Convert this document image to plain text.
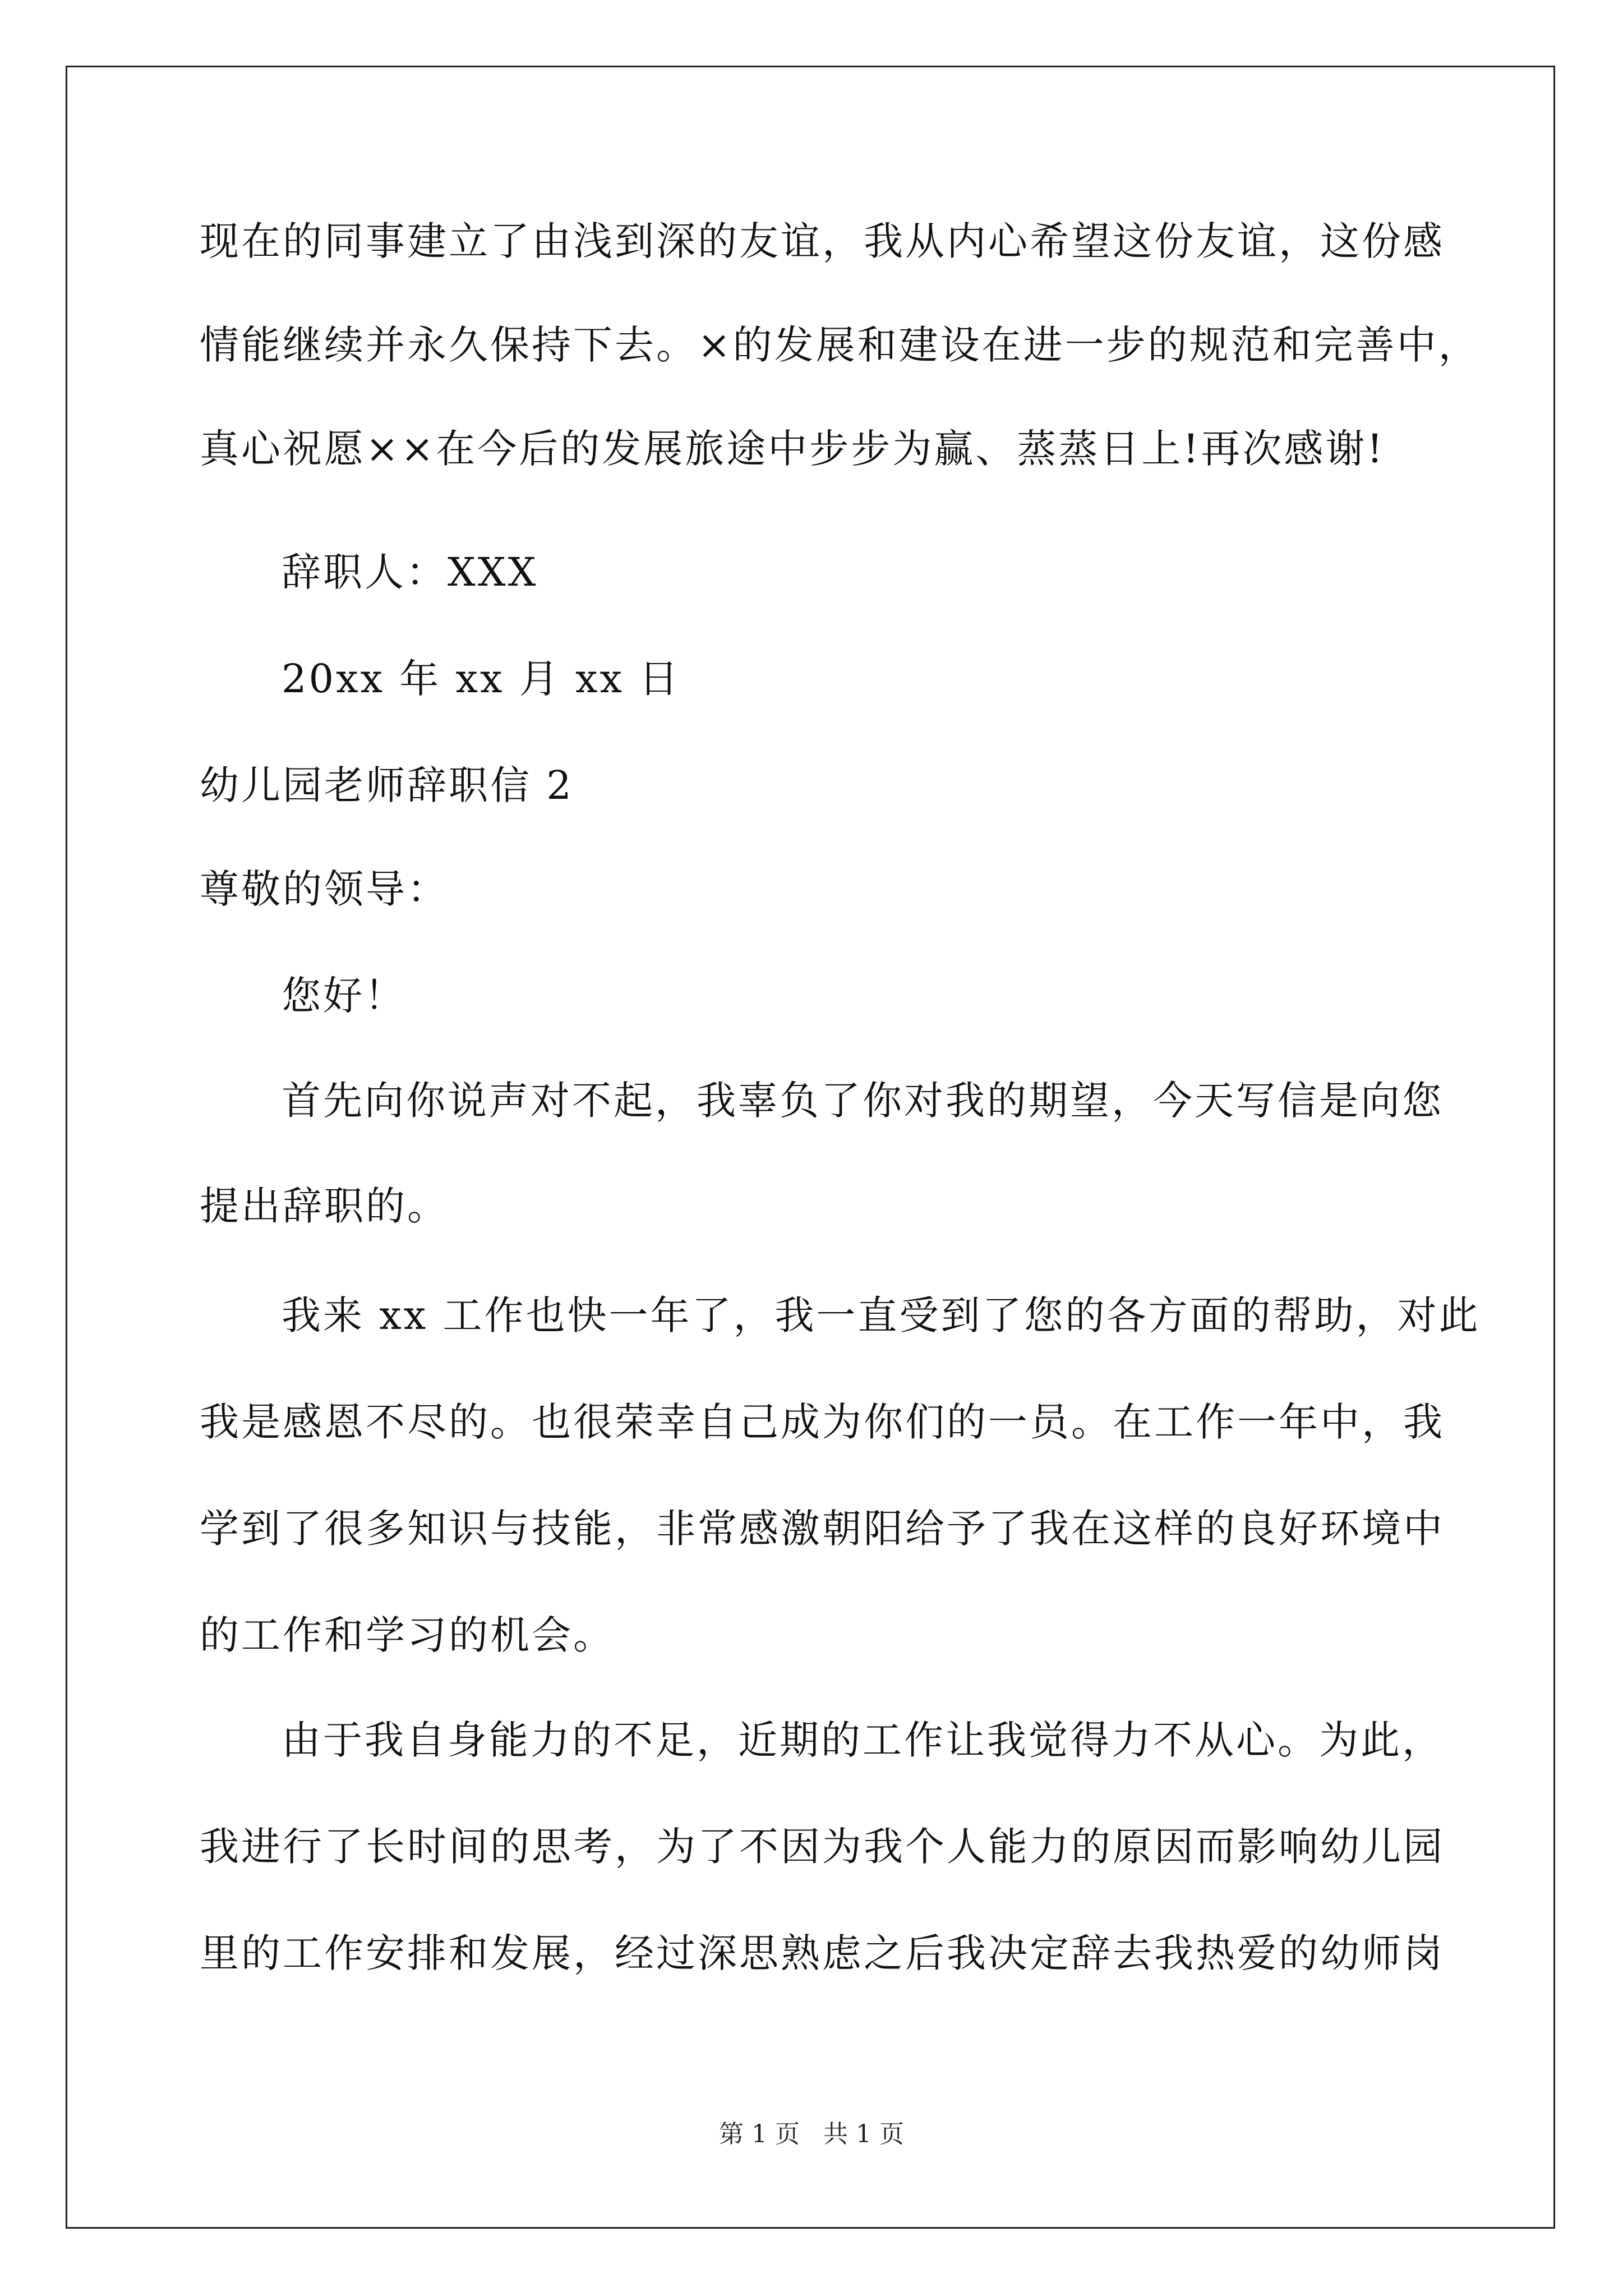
现在的同事建立了由浅到深的友谊，我从内心希望这份友谊，这份感
情能继续并永久保持下去。×的发展和建设在进一步的规范和完善中，
真心祝愿××在今后的发展旅途中步步为赢、蒸蒸日上!再次感谢!
辞职人：XXX
20xx 年 xx 月 xx 日
幼儿园老师辞职信 2
尊敬的领导：
您好！
首先向你说声对不起，我辜负了你对我的期望，今天写信是向您
提出辞职的。
我来 xx 工作也快一年了，我一直受到了您的各方面的帮助，对此
我是感恩不尽的。也很荣幸自己成为你们的一员。在工作一年中，我
学到了很多知识与技能，非常感激朝阳给予了我在这样的良好环境中
的工作和学习的机会。
由于我自身能力的不足，近期的工作让我觉得力不从心。为此，
我进行了长时间的思考，为了不因为我个人能力的原因而影响幼儿园
里的工作安排和发展，经过深思熟虑之后我决定辞去我热爱的幼师岗
第 1 页   共 1 页
